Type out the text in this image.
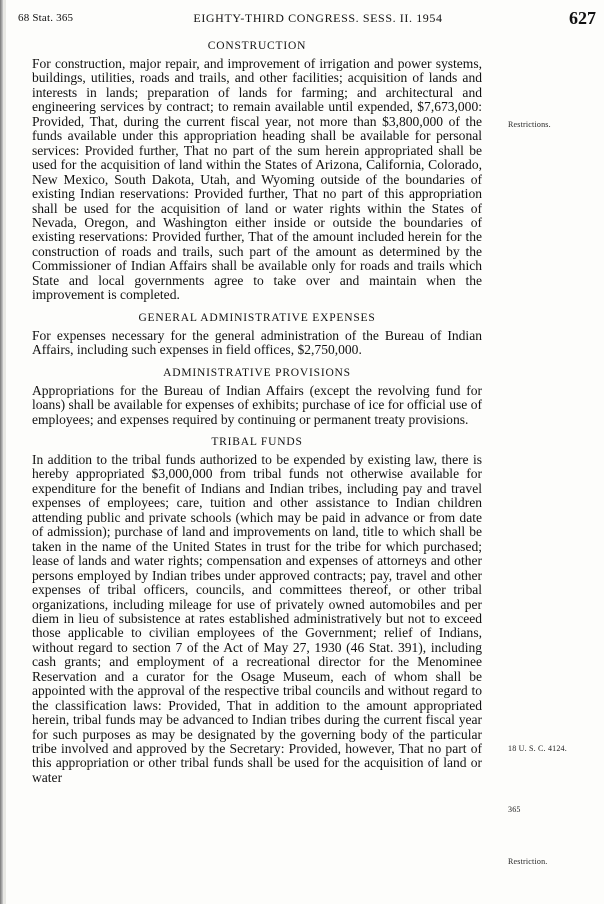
68 Stat. 365	EIGHTY-THIRD CONGRESS. SESS. II. 1954	627
CONSTRUCTION

For construction, major repair, and improvement of irrigation and power systems, buildings, utilities, roads and trails, and other facilities; acquisition of lands and interests in lands; preparation of lands for farming; and architectural and engineering services by contract; to remain available until expended, $7,673,000: Provided, That, during the current fiscal year, not more than $3,800,000 of the funds available under this appropriation heading shall be available for personal services: Provided further, That no part of the sum herein appropriated shall be used for the acquisition of land within the States of Arizona, California, Colorado, New Mexico, South Dakota, Utah, and Wyoming outside of the boundaries of existing Indian reservations: Provided further, That no part of this appropriation shall be used for the acquisition of land or water rights within the States of Nevada, Oregon, and Washington either inside or outside the boundaries of existing reservations: Provided further, That of the amount included herein for the construction of roads and trails, such part of the amount as determined by the Commissioner of Indian Affairs shall be available only for roads and trails which State and local governments agree to take over and maintain when the improvement is completed.

GENERAL ADMINISTRATIVE EXPENSES

For expenses necessary for the general administration of the Bureau of Indian Affairs, including such expenses in field offices, $2,750,000.

ADMINISTRATIVE PROVISIONS

Appropriations for the Bureau of Indian Affairs (except the revolving fund for loans) shall be available for expenses of exhibits; purchase of ice for official use of employees; and expenses required by continuing or permanent treaty provisions.

TRIBAL FUNDS

In addition to the tribal funds authorized to be expended by existing law, there is hereby appropriated $3,000,000 from tribal funds not otherwise available for expenditure for the benefit of Indians and Indian tribes, including pay and travel expenses of employees; care, tuition and other assistance to Indian children attending public and private schools (which may be paid in advance or from date of admission); purchase of land and improvements on land, title to which shall be taken in the name of the United States in trust for the tribe for which purchased; lease of lands and water rights; compensation and expenses of attorneys and other persons employed by Indian tribes under approved contracts; pay, travel and other expenses of tribal officers, councils, and committees thereof, or other tribal organizations, including mileage for use of privately owned automobiles and per diem in lieu of subsistence at rates established administratively but not to exceed those applicable to civilian employees of the Government; relief of Indians, without regard to section 7 of the Act of May 27, 1930 (46 Stat. 391), including cash grants; and employment of a recreational director for the Menominee Reservation and a curator for the Osage Museum, each of whom shall be appointed with the approval of the respective tribal councils and without regard to the classification laws: Provided, That in addition to the amount appropriated herein, tribal funds may be advanced to Indian tribes during the current fiscal year for such purposes as may be designated by the governing body of the particular tribe involved and approved by the Secretary: Provided, however, That no part of this appropriation or other tribal funds shall be used for the acquisition of land or water

Restrictions.
18 U. S. C. 4124.
365
Restriction.
